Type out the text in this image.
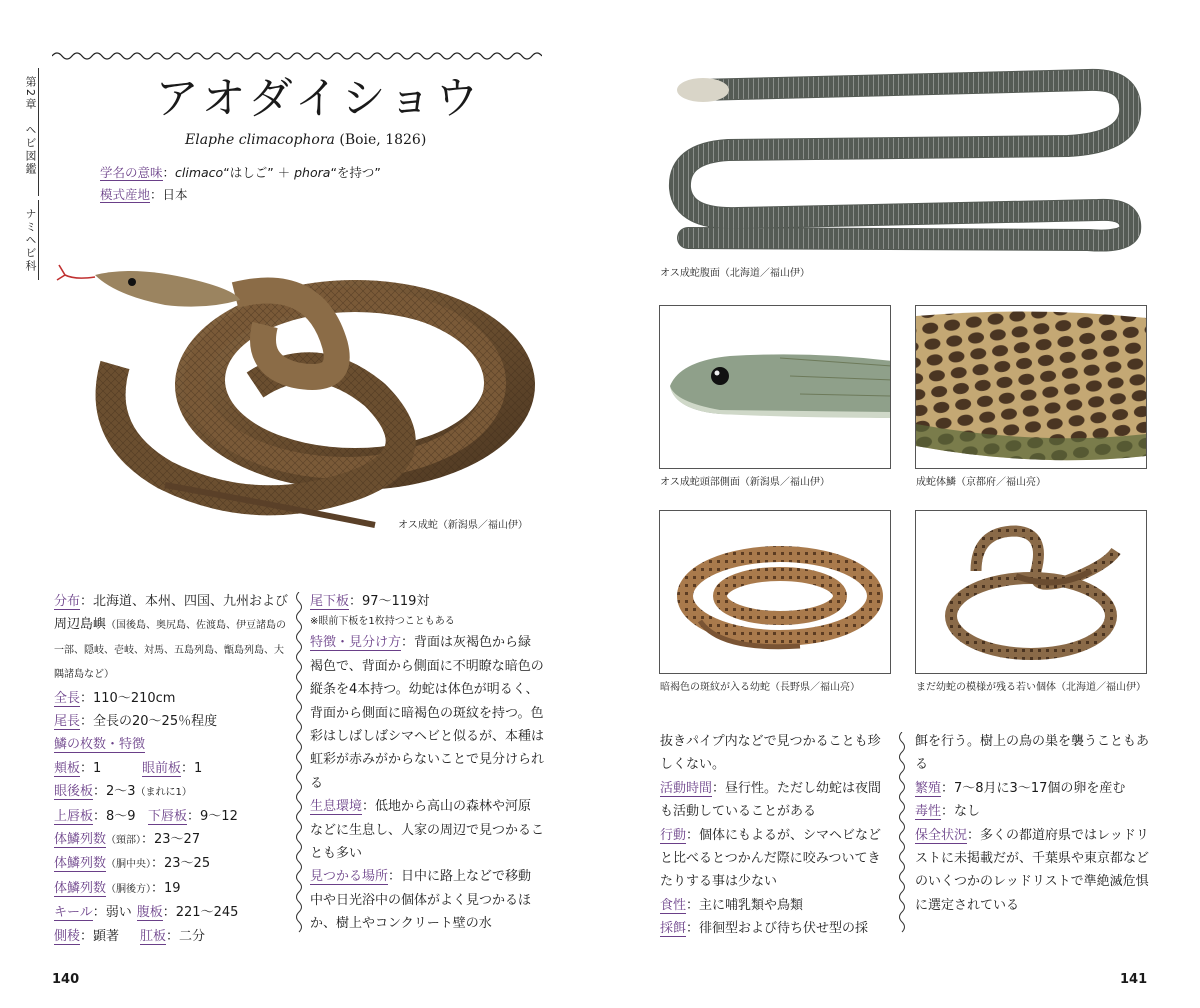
第2章　ヘビ図鑑
ナミヘビ科
アオダイショウ
Elaphe climacophora (Boie, 1826)
学名の意味：climaco“はしご” ＋ phora“を持つ”
模式産地：日本
オス成蛇（新潟県／福山伊）
オス成蛇腹面（北海道／福山伊）
オス成蛇頭部側面（新潟県／福山伊）	成蛇体鱗（京都府／福山亮）
暗褐色の斑紋が入る幼蛇（長野県／福山亮）	まだ幼蛇の模様が残る若い個体（北海道／福山伊）

分布：北海道、本州、四国、九州および周辺島嶼（国後島、奥尻島、佐渡島、伊豆諸島の一部、隠岐、壱岐、対馬、五島列島、甑島列島、大隅諸島など）

全長：110〜210cm

尾長：全長の20〜25％程度

鱗の枚数・特徴

頬板：1	眼前板：1

眼後板：2〜3（まれに1）

上唇板：8〜9 下唇板：9〜12

体鱗列数（頸部）：23〜27

体鱗列数（胴中央）：23〜25

体鱗列数（胴後方）：19

キール：弱い 腹板：221〜245

側稜：顕著 肛板：二分

尾下板：97〜119対

※眼前下板を1枚持つこともある

特徴・見分け方：背面は灰褐色から緑褐色で、背面から側面に不明瞭な暗色の縦条を4本持つ。幼蛇は体色が明るく、背面から側面に暗褐色の斑紋を持つ。色彩はしばしばシマヘビと似るが、本種は虹彩が赤みがからないことで見分けられる

生息環境：低地から高山の森林や河原などに生息し、人家の周辺で見つかることも多い

見つかる場所：日中に路上などで移動中や日光浴中の個体がよく見つかるほか、樹上やコンクリート壁の水

抜きパイプ内などで見つかることも珍しくない。

活動時間：昼行性。ただし幼蛇は夜間も活動していることがある

行動：個体にもよるが、シマヘビなどと比べるとつかんだ際に咬みついてきたりする事は少ない

食性：主に哺乳類や鳥類

採餌：徘徊型および待ち伏せ型の採

餌を行う。樹上の鳥の巣を襲うこともある

繁殖：7〜8月に3〜17個の卵を産む

毒性：なし

保全状況：多くの都道府県ではレッドリストに未掲載だが、千葉県や東京都などのいくつかのレッドリストで準絶滅危惧に選定されている

140	141
